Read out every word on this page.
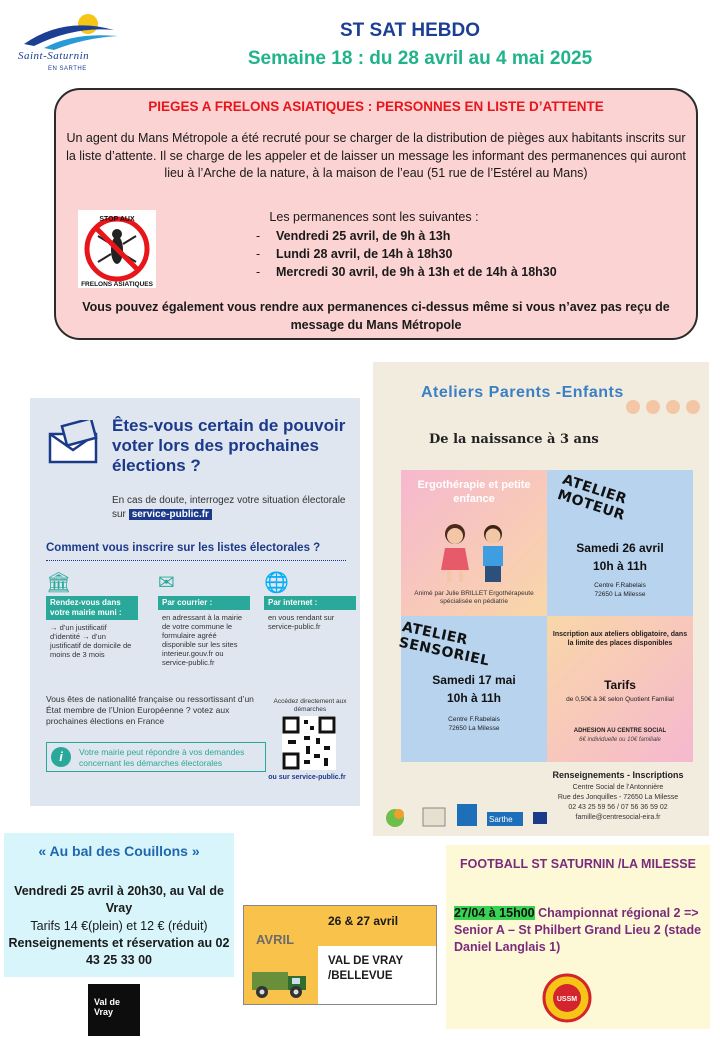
Saint-Saturnin
EN SARTHE
ST SAT HEBDO
Semaine 18 : du 28 avril au 4 mai 2025
PIEGES A FRELONS ASIATIQUES : PERSONNES EN LISTE D’ATTENTE
Un agent du Mans Métropole a été recruté pour se charger de la distribution de pièges aux habitants inscrits sur la liste d’attente. Il se charge de les appeler et de laisser un message les informant des permanences qui auront lieu à l’Arche de la nature, à la maison de l’eau (51 rue de l’Estérel au Mans)
STOP AUX
FRELONS ASIATIQUES
Les permanences sont les suivantes :
- Vendredi 25 avril, de 9h à 13h
- Lundi 28 avril, de 14h à 18h30
- Mercredi 30 avril, de 9h à 13h et de 14h à 18h30
Vous pouvez également vous rendre aux permanences ci-dessus même si vous n’avez pas reçu de message du Mans Métropole
Êtes-vous certain de pouvoir voter lors des prochaines élections ?
En cas de doute, interrogez votre situation électorale sur service-public.fr
Comment vous inscrire sur les listes électorales ?
🏛
Rendez-vous dans votre mairie muni :
→ d’un justificatif d’identité → d’un justificatif de domicile de moins de 3 mois
✉
Par courrier :
en adressant à la mairie de votre commune le formulaire agréé disponible sur les sites interieur.gouv.fr ou service-public.fr
🌐
Par internet :
en vous rendant sur service-public.fr
Vous êtes de nationalité française ou ressortissant d’un État membre de l’Union Européenne ? votez aux prochaines élections en France
i	Votre mairie peut répondre à vos demandes concernant les démarches électorales
Accédez directement aux démarches
ou sur service-public.fr
Ateliers Parents -Enfants
De la naissance à 3 ans
Ergothérapie et petite enfance
Animé par Julie BRILLET Ergothérapeute spécialisée en pédiatrie
ATELIER MOTEUR
Samedi 26 avril
10h à 11h
Centre F.Rabelais
72650 La Milesse
ATELIER SENSORIEL
Samedi 17 mai
10h à 11h
Centre F.Rabelais
72650 La Milesse
Inscription aux ateliers obligatoire, dans la limite des places disponibles
Tarifs
de 0,50€ à 3€ selon Quotient Familial
ADHESION AU CENTRE SOCIAL
6€ individuelle ou 10€ familiale
Renseignements - Inscriptions
Centre Social de l’Antonnière
Rue des Jonquilles - 72650 La Milesse
02 43 25 59 56 / 07 56 36 59 02
famille@centresocial-eira.fr
Sarthe
« Au bal des Couillons »
Vendredi 25 avril à 20h30, au Val de Vray
Tarifs 14 €(plein) et 12 € (réduit)
Renseignements et réservation au 02 43 25 33 00
Val de Vray
AVRIL
26 & 27 avril
VAL DE VRAY /BELLEVUE
FOOTBALL ST SATURNIN /LA MILESSE
27/04 à 15h00 Championnat régional 2 => Senior A – St Philbert Grand Lieu 2 (stade Daniel Langlais 1)
USSM
